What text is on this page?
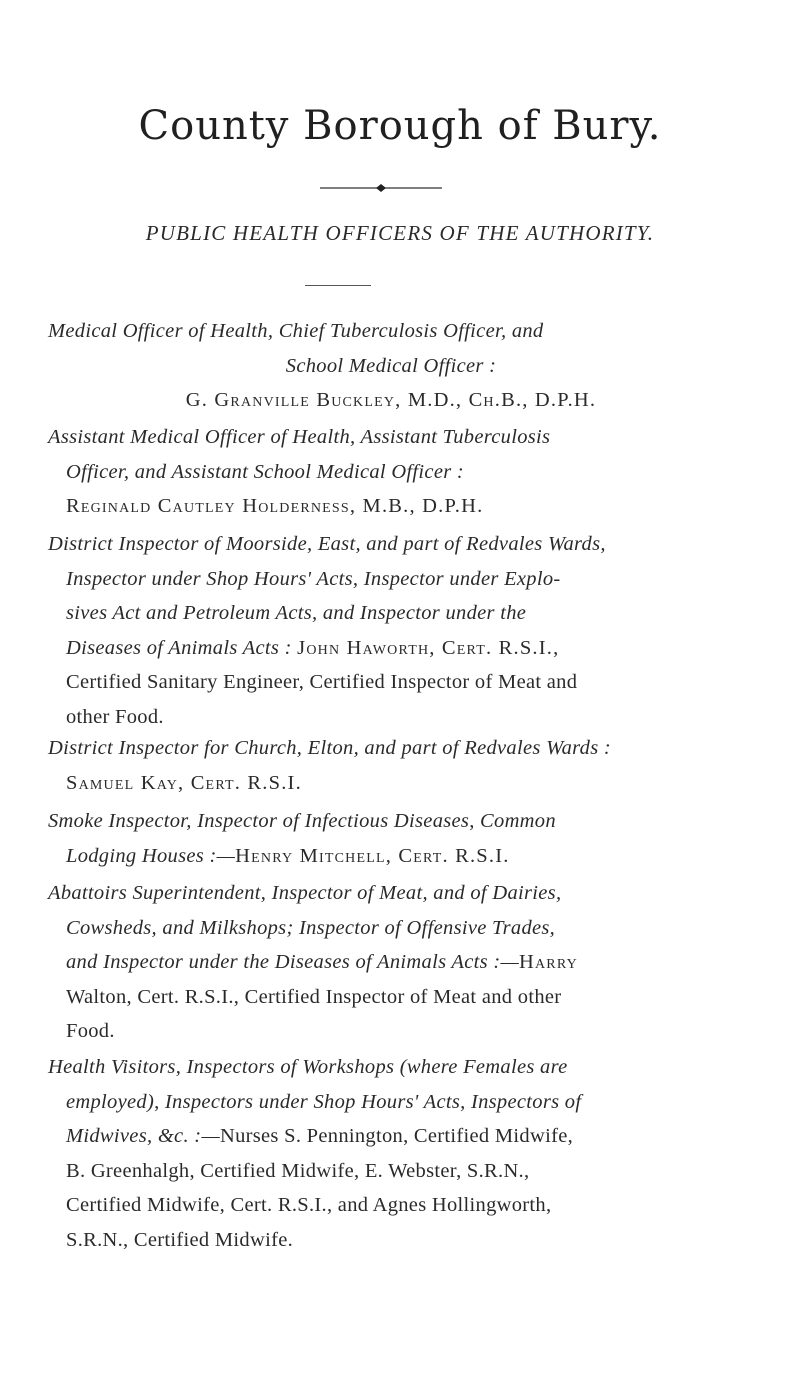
County Borough of Bury.
PUBLIC HEALTH OFFICERS OF THE AUTHORITY.
Medical Officer of Health, Chief Tuberculosis Officer, and
School Medical Officer :
G. Granville Buckley, M.D., Ch.B., D.P.H.
Assistant Medical Officer of Health, Assistant Tuberculosis
Officer, and Assistant School Medical Officer :
Reginald Cautley Holderness, M.B., D.P.H.
District Inspector of Moorside, East, and part of Redvales Wards,
Inspector under Shop Hours' Acts, Inspector under Explo-
sives Act and Petroleum Acts, and Inspector under the
Diseases of Animals Acts : John Haworth, Cert. R.S.I.,
Certified Sanitary Engineer, Certified Inspector of Meat and
other Food.
District Inspector for Church, Elton, and part of Redvales Wards :
Samuel Kay, Cert. R.S.I.
Smoke Inspector, Inspector of Infectious Diseases, Common
Lodging Houses :—Henry Mitchell, Cert. R.S.I.
Abattoirs Superintendent, Inspector of Meat, and of Dairies,
Cowsheds, and Milkshops; Inspector of Offensive Trades,
and Inspector under the Diseases of Animals Acts :—Harry
Walton, Cert. R.S.I., Certified Inspector of Meat and other
Food.
Health Visitors, Inspectors of Workshops (where Females are
employed), Inspectors under Shop Hours' Acts, Inspectors of
Midwives, &c. :—Nurses S. Pennington, Certified Midwife,
B. Greenhalgh, Certified Midwife, E. Webster, S.R.N.,
Certified Midwife, Cert. R.S.I., and Agnes Hollingworth,
S.R.N., Certified Midwife.
